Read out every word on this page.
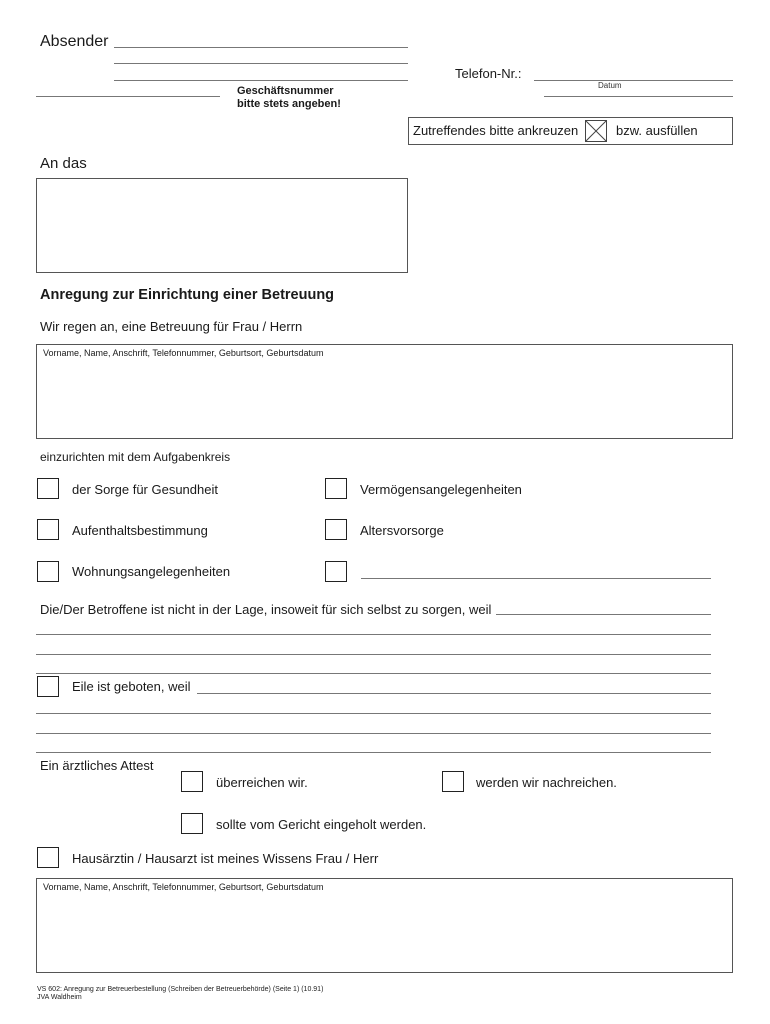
Absender
Telefon-Nr.:
Datum
Geschäftsnummer
bitte stets angeben!
Zutreffendes bitte ankreuzen ☒ bzw. ausfüllen
An das
Anregung zur Einrichtung einer Betreuung
Wir regen an, eine Betreuung für Frau / Herrn
Vorname, Name, Anschrift, Telefonnummer, Geburtsort, Geburtsdatum
einzurichten mit dem Aufgabenkreis
der Sorge für Gesundheit	Vermögensangelegenheiten
Aufenthaltsbestimmung	Altersvorsorge
Wohnungsangelegenheiten
Die/Der Betroffene ist nicht in der Lage, insoweit für sich selbst zu sorgen, weil
Eile ist geboten, weil
Ein ärztliches Attest
überreichen wir.	werden wir nachreichen.
sollte vom Gericht eingeholt werden.
Hausärztin / Hausarzt ist meines Wissens Frau / Herr
Vorname, Name, Anschrift, Telefonnummer, Geburtsort, Geburtsdatum
VS 602: Anregung zur Betreuerbestellung (Schreiben der Betreuerbehörde) (Seite 1) (10.91)
JVA Waldheim
